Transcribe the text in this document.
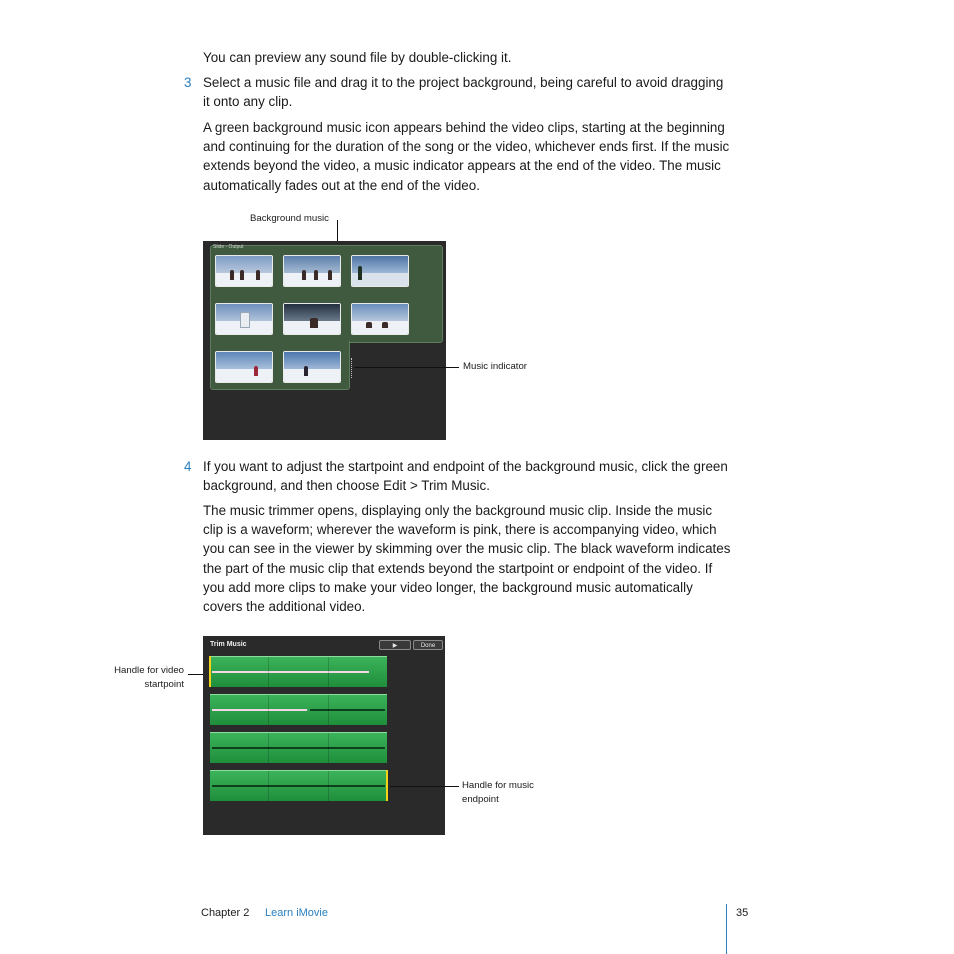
You can preview any sound file by double-clicking it.

3 Select a music file and drag it to the project background, being careful to avoid dragging it onto any clip.

A green background music icon appears behind the video clips, starting at the beginning and continuing for the duration of the song or the video, whichever ends first. If the music extends beyond the video, a music indicator appears at the end of the video. The music automatically fades out at the end of the video.

Background music
Slide - Output
Music indicator
4 If you want to adjust the startpoint and endpoint of the background music, click the green background, and then choose Edit > Trim Music.

The music trimmer opens, displaying only the background music clip. Inside the music clip is a waveform; wherever the waveform is pink, there is accompanying video, which you can see in the viewer by skimming over the music clip. The black waveform indicates the part of the music clip that extends beyond the startpoint or endpoint of the video. If you add more clips to make your video longer, the background music automatically covers the additional video.

Handle for video
startpoint
Trim Music	▶	Done
Handle for music
endpoint
Chapter 2 Learn iMovie	35
